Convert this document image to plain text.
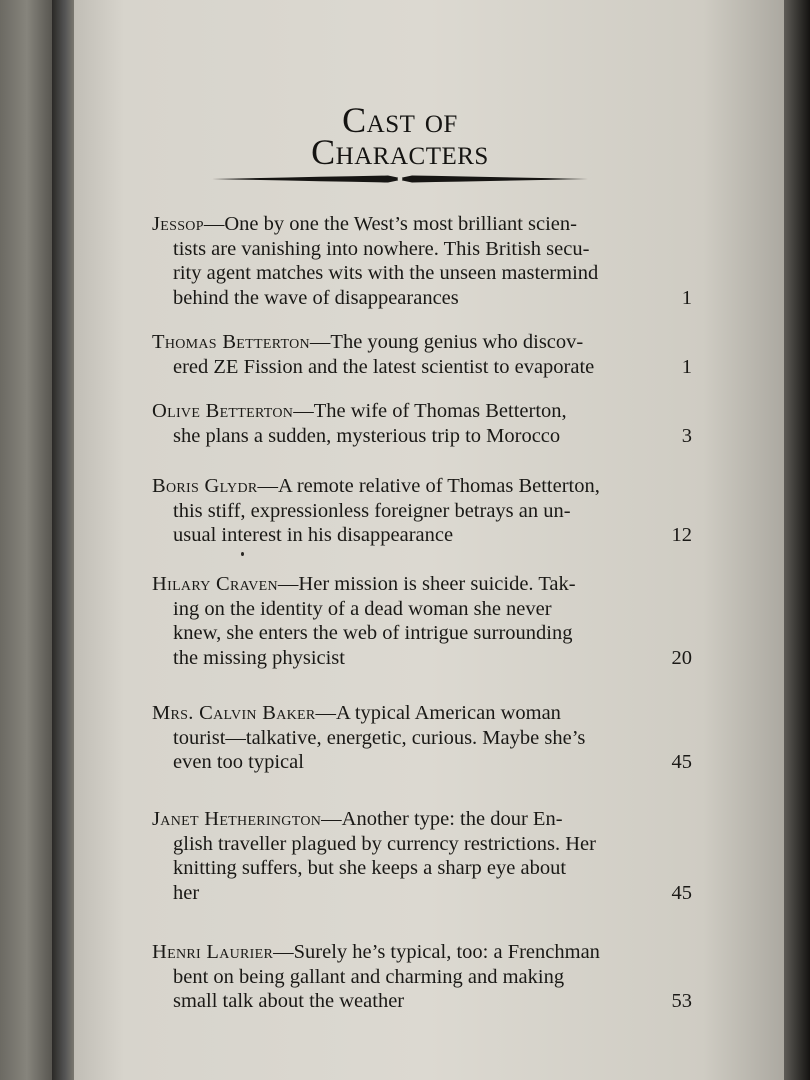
Cast of
Characters

Jessop—One by one the West’s most brilliant scien-
tists are vanishing into nowhere. This British secu-
rity agent matches wits with the unseen mastermind
behind the wave of disappearances	1

Thomas Betterton—The young genius who discov-
ered ZE Fission and the latest scientist to evaporate	1

Olive Betterton—The wife of Thomas Betterton,
she plans a sudden, mysterious trip to Morocco	3

Boris Glydr—A remote relative of Thomas Betterton,
this stiff, expressionless foreigner betrays an un-
usual interest in his disappearance	12

Hilary Craven—Her mission is sheer suicide. Tak-
ing on the identity of a dead woman she never
knew, she enters the web of intrigue surrounding
the missing physicist	20

Mrs. Calvin Baker—A typical American woman
tourist—talkative, energetic, curious. Maybe she’s
even too typical	45

Janet Hetherington—Another type: the dour En-
glish traveller plagued by currency restrictions. Her
knitting suffers, but she keeps a sharp eye about
her	45

Henri Laurier—Surely he’s typical, too: a Frenchman
bent on being gallant and charming and making
small talk about the weather	53
